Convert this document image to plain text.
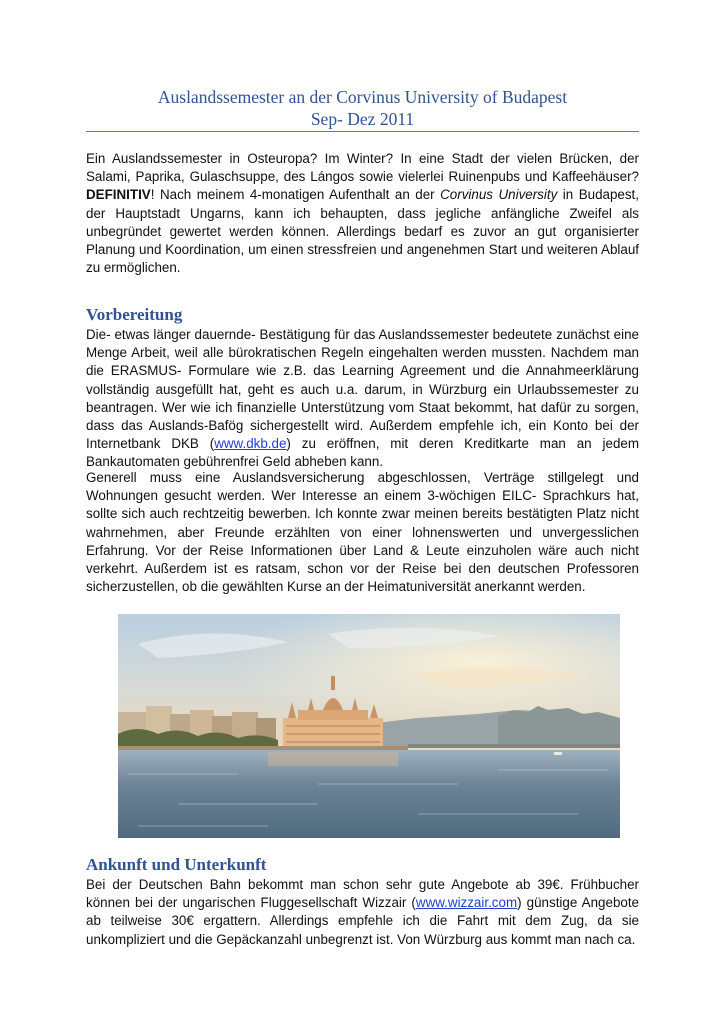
Auslandssemester an der Corvinus University of Budapest
Sep- Dez 2011

Ein Auslandssemester in Osteuropa? Im Winter? In eine Stadt der vielen Brücken, der Salami, Paprika, Gulaschsuppe, des Lángos sowie vielerlei Ruinenpubs und Kaffeehäuser? DEFINITIV! Nach meinem 4-monatigen Aufenthalt an der Corvinus University in Budapest, der Hauptstadt Ungarns, kann ich behaupten, dass jegliche anfängliche Zweifel als unbegründet gewertet werden können. Allerdings bedarf es zuvor an gut organisierter Planung und Koordination, um einen stressfreien und angenehmen Start und weiteren Ablauf zu ermöglichen.

Vorbereitung

Die- etwas länger dauernde- Bestätigung für das Auslandssemester bedeutete zunächst eine Menge Arbeit, weil alle bürokratischen Regeln eingehalten werden mussten. Nachdem man die ERASMUS- Formulare wie z.B. das Learning Agreement und die Annahmeerklärung vollständig ausgefüllt hat, geht es auch u.a. darum, in Würzburg ein Urlaubssemester zu beantragen. Wer wie ich finanzielle Unterstützung vom Staat bekommt, hat dafür zu sorgen, dass das Auslands-Bafög sichergestellt wird. Außerdem empfehle ich, ein Konto bei der Internetbank DKB (www.dkb.de) zu eröffnen, mit deren Kreditkarte man an jedem Bankautomaten gebührenfrei Geld abheben kann.

Generell muss eine Auslandsversicherung abgeschlossen, Verträge stillgelegt und Wohnungen gesucht werden. Wer Interesse an einem 3-wöchigen EILC- Sprachkurs hat, sollte sich auch rechtzeitig bewerben. Ich konnte zwar meinen bereits bestätigten Platz nicht wahrnehmen, aber Freunde erzählten von einer lohnenswerten und unvergesslichen Erfahrung. Vor der Reise Informationen über Land & Leute einzuholen wäre auch nicht verkehrt. Außerdem ist es ratsam, schon vor der Reise bei den deutschen Professoren sicherzustellen, ob die gewählten Kurse an der Heimatuniversität anerkannt werden.

Ankunft und Unterkunft

Bei der Deutschen Bahn bekommt man schon sehr gute Angebote ab 39€. Frühbucher können bei der ungarischen Fluggesellschaft Wizzair (www.wizzair.com) günstige Angebote ab teilweise 30€ ergattern. Allerdings empfehle ich die Fahrt mit dem Zug, da sie unkompliziert und die Gepäckanzahl unbegrenzt ist. Von Würzburg aus kommt man nach ca.
